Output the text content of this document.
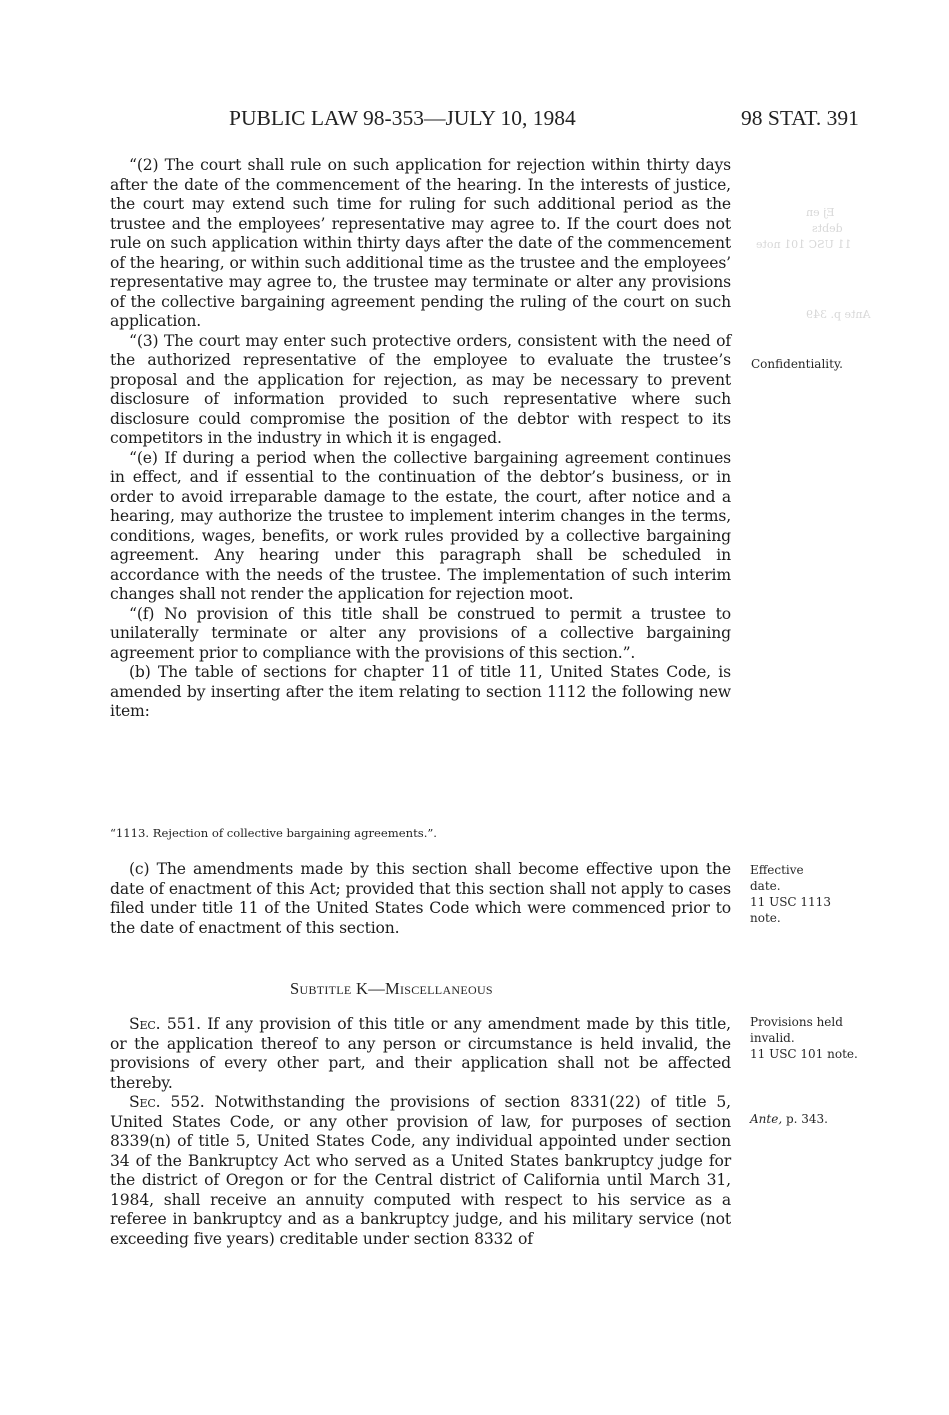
PUBLIC LAW 98-353—JULY 10, 1984	98 STAT. 391
Ej en
debts
11 USC 101 note
Ante p. 349

“(2) The court shall rule on such application for rejection within thirty days after the date of the commencement of the hearing. In the interests of justice, the court may extend such time for ruling for such additional period as the trustee and the employees’ representative may agree to. If the court does not rule on such application within thirty days after the date of the commencement of the hearing, or within such additional time as the trustee and the employees’ representative may agree to, the trustee may terminate or alter any provisions of the collective bargaining agreement pending the ruling of the court on such application.

“(3) The court may enter such protective orders, consistent with the need of the authorized representative of the employee to evaluate the trustee’s proposal and the application for rejection, as may be necessary to prevent disclosure of information provided to such representative where such disclosure could compromise the position of the debtor with respect to its competitors in the industry in which it is engaged.

“(e) If during a period when the collective bargaining agreement continues in effect, and if essential to the continuation of the debtor’s business, or in order to avoid irreparable damage to the estate, the court, after notice and a hearing, may authorize the trustee to implement interim changes in the terms, conditions, wages, benefits, or work rules provided by a collective bargaining agreement. Any hearing under this paragraph shall be scheduled in accordance with the needs of the trustee. The implementation of such interim changes shall not render the application for rejection moot.

“(f) No provision of this title shall be construed to permit a trustee to unilaterally terminate or alter any provisions of a collective bargaining agreement prior to compliance with the provisions of this section.”.

(b) The table of sections for chapter 11 of title 11, United States Code, is amended by inserting after the item relating to section 1112 the following new item:

“1113. Rejection of collective bargaining agreements.”.

(c) The amendments made by this section shall become effective upon the date of enactment of this Act; provided that this section shall not apply to cases filed under title 11 of the United States Code which were commenced prior to the date of enactment of this section.

Subtitle K—Miscellaneous

Sec. 551. If any provision of this title or any amendment made by this title, or the application thereof to any person or circumstance is held invalid, the provisions of every other part, and their application shall not be affected thereby.

Sec. 552. Notwithstanding the provisions of section 8331(22) of title 5, United States Code, or any other provision of law, for purposes of section 8339(n) of title 5, United States Code, any individual appointed under section 34 of the Bankruptcy Act who served as a United States bankruptcy judge for the district of Oregon or for the Central district of California until March 31, 1984, shall receive an annuity computed with respect to his service as a referee in bankruptcy and as a bankruptcy judge, and his military service (not exceeding five years) creditable under section 8332 of

Confidentiality.
Effective
date.
11 USC 1113
note.
Provisions held
invalid.
11 USC 101 note.
Ante, p. 343.
